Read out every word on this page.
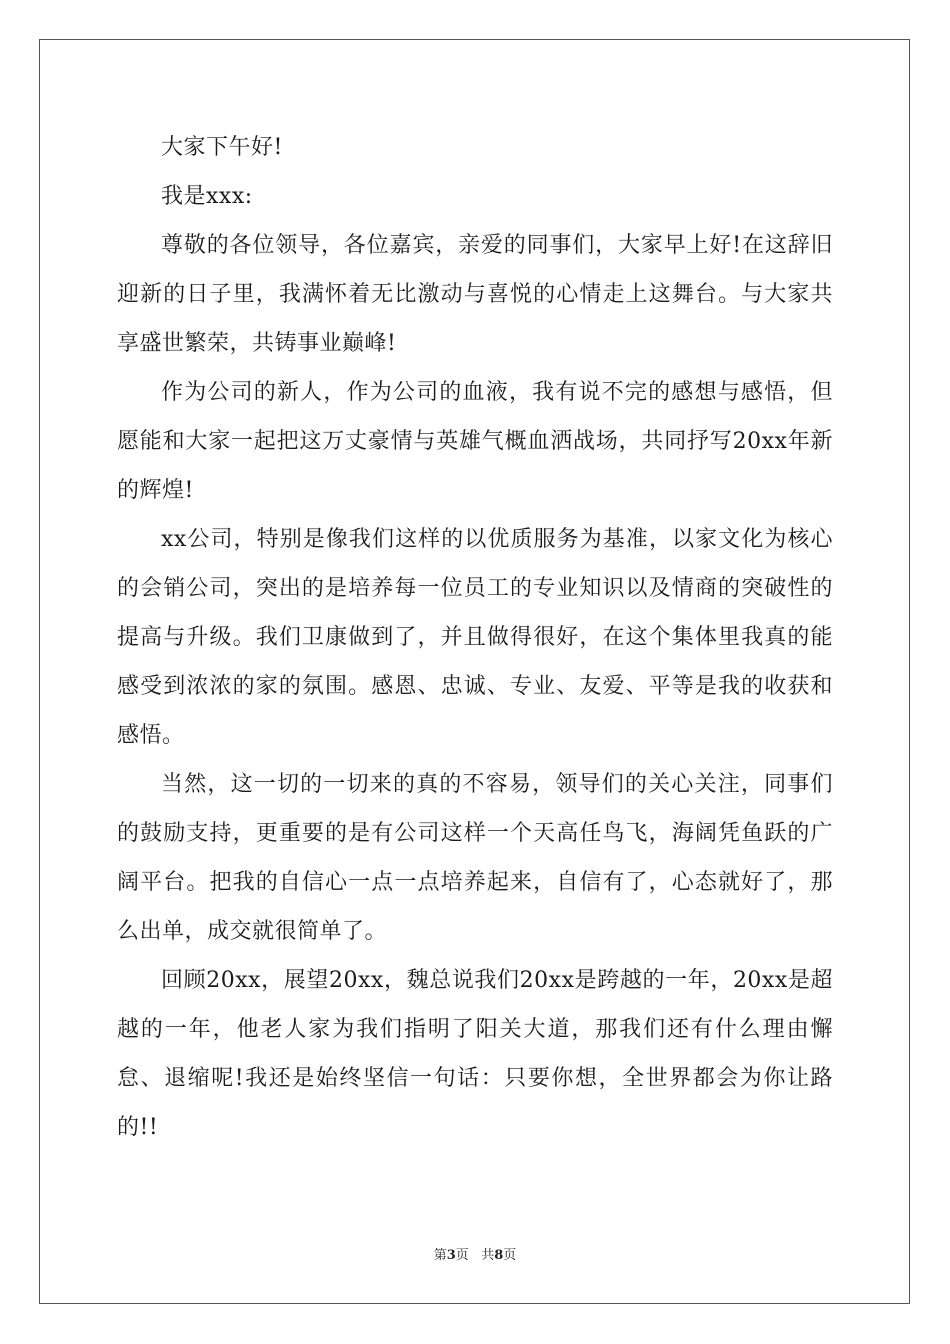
大家下午好!

我是xxx:

尊敬的各位领导，各位嘉宾，亲爱的同事们，大家早上好!在这辞旧迎新的日子里，我满怀着无比激动与喜悦的心情走上这舞台。与大家共享盛世繁荣，共铸事业巅峰!

作为公司的新人，作为公司的血液，我有说不完的感想与感悟，但愿能和大家一起把这万丈豪情与英雄气概血洒战场，共同抒写20xx年新的辉煌!

xx公司，特别是像我们这样的以优质服务为基准，以家文化为核心的会销公司，突出的是培养每一位员工的专业知识以及情商的突破性的提高与升级。我们卫康做到了，并且做得很好，在这个集体里我真的能感受到浓浓的家的氛围。感恩、忠诚、专业、友爱、平等是我的收获和感悟。

当然，这一切的一切来的真的不容易，领导们的关心关注，同事们的鼓励支持，更重要的是有公司这样一个天高任鸟飞，海阔凭鱼跃的广阔平台。把我的自信心一点一点培养起来，自信有了，心态就好了，那么出单，成交就很简单了。

回顾20xx，展望20xx，魏总说我们20xx是跨越的一年，20xx是超越的一年，他老人家为我们指明了阳关大道，那我们还有什么理由懈怠、退缩呢!我还是始终坚信一句话：只要你想，全世界都会为你让路的!!

第3页 共8页
